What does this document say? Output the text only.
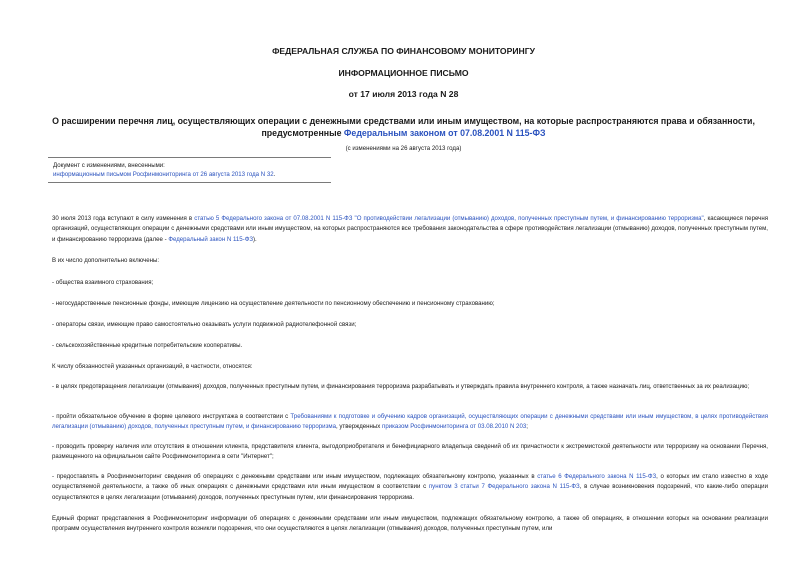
ФЕДЕРАЛЬНАЯ СЛУЖБА ПО ФИНАНСОВОМУ МОНИТОРИНГУ
ИНФОРМАЦИОННОЕ ПИСЬМО
от 17 июля 2013 года N 28
О расширении перечня лиц, осуществляющих операции с денежными средствами или иным имуществом, на которые распространяются права и обязанности, предусмотренные Федеральным законом от 07.08.2001 N 115-ФЗ
(с изменениями на 26 августа 2013 года)
Документ с изменениями, внесенными:
информационным письмом Росфинмониторинга от 26 августа 2013 года N 32.
30 июля 2013 года вступают в силу изменения в статью 5 Федерального закона от 07.08.2001 N 115-ФЗ "О противодействии легализации (отмыванию) доходов, полученных преступным путем, и финансированию терроризма", касающиеся перечня организаций, осуществляющих операции с денежными средствами или иным имуществом, на которых распространяются все требования законодательства в сфере противодействия легализации (отмыванию) доходов, полученных преступным путем, и финансированию терроризма (далее - Федеральный закон N 115-ФЗ).
В их число дополнительно включены:
- общества взаимного страхования;
- негосударственные пенсионные фонды, имеющие лицензию на осуществление деятельности по пенсионному обеспечению и пенсионному страхованию;
- операторы связи, имеющие право самостоятельно оказывать услуги подвижной радиотелефонной связи;
- сельскохозяйственные кредитные потребительские кооперативы.
К числу обязанностей указанных организаций, в частности, относятся:
- в целях предотвращения легализации (отмывания) доходов, полученных преступным путем, и финансирования терроризма разрабатывать и утверждать правила внутреннего контроля, а также назначать лиц, ответственных за их реализацию;
- пройти обязательное обучение в форме целевого инструктажа в соответствии с Требованиями к подготовке и обучению кадров организаций, осуществляющих операции с денежными средствами или иным имуществом, в целях противодействия легализации (отмыванию) доходов, полученных преступным путем, и финансированию терроризма, утвержденных приказом Росфинмониторинга от 03.08.2010 N 203;
- проводить проверку наличия или отсутствия в отношении клиента, представителя клиента, выгодоприобретателя и бенефициарного владельца сведений об их причастности к экстремистской деятельности или терроризму на основании Перечня, размещенного на официальном сайте Росфинмониторинга в сети "Интернет";
- предоставлять в Росфинмониторинг сведения об операциях с денежными средствами или иным имуществом, подлежащих обязательному контролю, указанных в статье 6 Федерального закона N 115-ФЗ, о которых им стало известно в ходе осуществляемой деятельности, а также об иных операциях с денежными средствами или иным имуществом в соответствии с пунктом 3 статьи 7 Федерального закона N 115-ФЗ, в случае возникновения подозрений, что какие-либо операции осуществляются в целях легализации (отмывания) доходов, полученных преступным путем, или финансирования терроризма.
Единый формат представления в Росфинмониторинг информации об операциях с денежными средствами или иным имуществом, подлежащих обязательному контролю, а также об операциях, в отношении которых на основании реализации программ осуществления внутреннего контроля возникли подозрения, что они осуществляются в целях легализации (отмывания) доходов, полученных преступным путем, или
